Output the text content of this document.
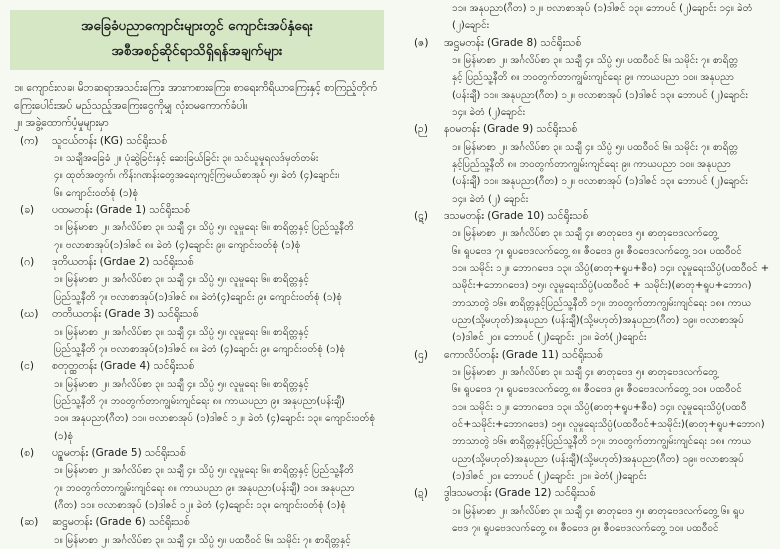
အခြေခံပညာကျောင်းများတွင် ကျောင်းအပ်နှံရေး
အစီအစဉ်ဆိုင်ရာသိရှိရန်အချက်များ
၁။ ကျောင်းလခ၊ မိဘဆရာအသင်းကြေး၊ အားကစားကြေး၊ စာရေးကိရိယာကြေးနှင့် စာကြည့်တိုက်
ကြေးပေါင်းအပ် မည်သည့်အကြေးငွေကိုမျှ လုံးဝမကောက်ခံပါ။
၂။ အခွဲ့ထောက်ပံ့မှုများမှာ
(က) သူငယ်တန်း (KG) သင်ရိုးသစ်
၁။ သချီအခြေခံ ၂။ ပုံဆွဲခြင်းနှင့် ဆေးခြယ်ခြင်း ၃။ သင်ယူမှုရလဒ်မှတ်တမ်း
၄။ ထုတ်အတွက်၊ ကိန်းဂဏန်းတွေအရေးကျင့်ကြမယ်စာအုပ် ၅။ ခဲတံ (၄)ချောင်း၊
၆။ ကျောင်းဝတ်စုံ (၁)စုံ
(ခ) ပထမတန်း (Grade 1) သင်ရိုးသစ်
၁။ မြန်မာစာ ၂။ အင်္ဂလိပ်စာ ၃။ သချီ ၄။ သိပ္ပံ ၅။ လူမှုရေး ၆။ စာရိတ္တနှင့် ပြည်သူ့နီတိ
၇။ ဗလာစာအုပ်(၁)ဒါဇင် ၈။ ခဲတံ (၄)ချောင်း ၉။ ကျောင်းဝတ်စုံ (၁)စုံ
(ဂ) ဒုတိယတန်း (Grdae 2) သင်ရိုးသစ်
၁။ မြန်မာစာ ၂။ အင်္ဂလိပ်စာ ၃။ သချီ ၄။ သိပ္ပံ ၅။ လူမှုရေး ၆။ စာရိတ္တနှင့်
ပြည်သူ့နီတိ ၇။ ဗလာစာအုပ်(၁)ဒါဇင် ၈။ ခဲတံ(၄)ချောင်း ၉။ ကျောင်းဝတ်စုံ (၁)စုံ
(ဃ) တတိယတန်း (Grade 3) သင်ရိုးသစ်
၁။ မြန်မာစာ ၂။ အင်္ဂလိပ်စာ ၃။ သချီ ၄။ သိပ္ပံ ၅။ လူမှုရေး ၆။ စာရိတ္တနှင့်
ပြည်သူ့နီတိ ၇။ ဗလာစာအုပ်(၁)ဒါဇင် ၈။ ခဲတံ (၄)ချောင်း ၉။ ကျောင်းဝတ်စုံ (၁)စုံ
(င) စတုတ္ထတန်း (Grade 4) သင်ရိုးသစ်
၁။ မြန်မာစာ ၂။ အင်္ဂလိပ်စာ ၃။ သချီ ၄။ သိပ္ပံ ၅။ လူမှုရေး ၆။ စာရိတ္တနှင့်
ပြည်သူ့နီတိ ၇။ ဘဝတွက်တာကျွမ်းကျင်ရေး ၈။ ကာယပညာ ၉။ အနုပညာ(ပန်းချီ)
၁၀။ အနုပညာ(ဂီတ) ၁၁။ ဗလာစာအုပ် (၁)ဒါဇင် ၁၂။ ခဲတံ (၄)ချောင်း ၁၃။ ကျောင်းဝတ်စုံ
(၁)စုံ
(စ) ပဉ္စမတန်း (Grade 5) သင်ရိုးသစ်
၁။ မြန်မာစာ ၂။ အင်္ဂလိပ်စာ ၃။ သချီ ၄။ သိပ္ပံ ၅။ လူမှုရေး ၆။ စာရိတ္တနှင့် ပြည်သူ့နီတိ
၇။ ဘဝတွက်တာကျွမ်းကျင်ရေး ၈။ ကာယပညာ ၉။ အနုပညာ(ပန်းချီ) ၁၀။ အနုပညာ
(ဂီတ) ၁၁။ ဗလာစာအုပ် (၁)ဒါဇင် ၁၂။ ခဲတံ (၄)ချောင်း ၁၃။ ကျောင်းဝတ်စုံ (၁)စုံ
(ဆ) ဆဋ္ဌမတန်း (Grade 6) သင်ရိုးသစ်
၁။ မြန်မာစာ ၂။ အင်္ဂလိပ်စာ ၃။ သချီ ၄။ သိပ္ပံ ၅။ ပထဝီဝင် ၆။ သမိုင်း ၇။ စာရိတ္တနှင့်
၁၁။ အနုပညာ(ဂီတ) ၁၂။ ဗလာစာအုပ် (၁)ဒါဇင် ၁၃။ ဘောပင် (၂)ချောင်း ၁၄။ ခဲတံ
(၂)ချောင်း
(ဇ) အဋ္ဌမတန်း (Grade 8) သင်ရိုးသစ်
၁။ မြန်မာစာ ၂။ အင်္ဂလိပ်စာ ၃။ သချီ ၄။ သိပ္ပံ ၅။ ပထဝီဝင် ၆။ သမိုင်း ၇။ စာရိတ္တ
နှင့် ပြည်သူ့နီတိ ၈။ ဘဝတွက်တာကျွမ်းကျင်ရေး ၉။ ကာယပညာ ၁၀။ အနုပညာ
(ပန်းချီ) ၁၁။ အနုပညာ(ဂီတ) ၁၂။ ဗလာစာအုပ် (၁)ဒါဇင် ၁၃။ ဘောပင် (၂)ချောင်း
၁၄။ ခဲတံ (၂)ချောင်း
(ဉ) နဝမတန်း (Grade 9) သင်ရိုးသစ်
၁။ မြန်မာစာ ၂။ အင်္ဂလိပ်စာ ၃။ သချီ ၄။ သိပ္ပံ ၅။ ပထဝီဝင် ၆။ သမိုင်း ၇။ စာရိတ္တ
နှင့်ပြည်သူ့နီတိ ၈။ ဘဝတွက်တာကျွမ်းကျင်ရေး ၉။ ကာယပညာ ၁၀။ အနုပညာ
(ပန်းချီ) ၁၁။ အနုပညာ(ဂီတ) ၁၂။ ဗလာစာအုပ် (၁)ဒါဇင် ၁၃။ ဘောပင် (၂)ချောင်း
၁၄။ ခဲတံ (၂) ချောင်း
(ဋ) ဒသမတန်း (Grade 10) သင်ရိုးသစ်
၁။ မြန်မာစာ ၂။ အင်္ဂလိပ်စာ ၃။ သချီ ၄။ ဓာတုဗေဒ ၅။ ဓာတုဗေဒလက်တွေ့
၆။ ရူပဗေဒ ၇။ ရူပဗေဒလက်တွေ့ ၈။ ဇီဝဗေဒ ၉။ ဇီဝဗေဒလက်တွေ့ ၁၀။ ပထဝီဝင်
၁၁။ သမိုင်း ၁၂။ ဘောဂဗေဒ ၁၃။ သိပ္ပံ(ဓာတု+ရူပ+ဇီဝ) ၁၄။ လူမှုရေးသိပ္ပံ(ပထဝီဝင် +
သမိုင်း+ဘောဂဗေဒ) ၁၅။ လူမှုရေးသိပ္ပံ(ပထဝီဝင် + သမိုင်း)(ဓာတု+ရူပ+ဘောဂ)
ဘာသာတွဲ ၁၆။ စာရိတ္တနှင့်ပြည်သူ့နီတိ ၁၇။ ဘဝတွက်တာကျွမ်းကျင်ရေး ၁၈။ ကာယ
ပညာ(သို့မဟုတ်)အနုပညာ (ပန်းချီ)(သို့မဟုတ်)အနုပညာ(ဂီတ) ၁၉။ ဗလာစာအုပ်
(၁)ဒါဇင် ၂၀။ ဘောပင် (၂)ချောင်း ၂၁။ ခဲတံ(၂)ချောင်း
(ဌ) ကောလိပ်တန်း (Grade 11) သင်ရိုးသစ်
၁။ မြန်မာစာ ၂။ အင်္ဂလိပ်စာ ၃။ သချီ ၄။ ဓာတုဗေဒ ၅။ ဓာတုဗေဒလက်တွေ့
၆။ ရူပဗေဒ ၇။ ရူပဗေဒလက်တွေ့ ၈။ ဇီဝဗေဒ ၉။ ဇီဝဗေဒလက်တွေ့ ၁၀။ ပထဝီဝင်
၁၁။ သမိုင်း ၁၂။ ဘောဂဗေဒ ၁၃။ သိပ္ပံ(ဓာတု+ရူပ+ဇီဝ) ၁၄။ လူမှုရေးသိပ္ပံ(ပထဝီ
ဝင်+သမိုင်း+ဘောဂဗေဒ) ၁၅။ လူမှုရေးသိပ္ပံ(ပထဝီဝင်+သမိုင်း)(ဓာတု+ရူပ+ဘောဂ)
ဘာသာတွဲ ၁၆။ စာရိတ္တနှင့်ပြည်သူ့နီတိ ၁၇။ ဘဝတွက်တာကျွမ်းကျင်ရေး ၁၈။ ကာယ
ပညာ(သို့မဟုတ်)အနုပညာ (ပန်းချီ)(သို့မဟုတ်)အနုပညာ(ဂီတ) ၁၉။ ဗလာစာအုပ်
(၁)ဒါဇင် ၂၀။ ဘောပင် (၂)ချောင်း ၂၁။ ခဲတံ(၂)ချောင်း
(ဍ) ဒွါဒသမတန်း (Grade 12) သင်ရိုးသစ်
၁။ မြန်မာစာ ၂။ အင်္ဂလိပ်စာ ၃။ သချီ ၄။ ဓာတုဗေဒ ၅။ ဓာတုဗေဒလက်တွေ့ ၆။ ရူပ
ဗေဒ ၇။ ရူပဗေဒလက်တွေ့ ၈။ ဇီဝဗေဒ ၉။ ဇီဝဗေဒလက်တွေ့ ၁၀။ ပထဝီဝင်
